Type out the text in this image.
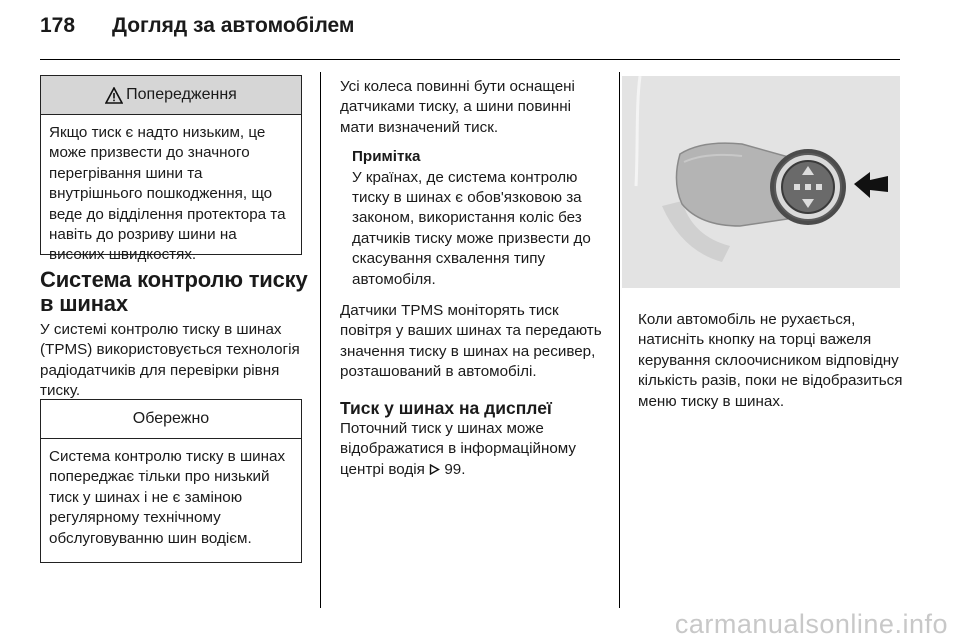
178 Догляд за автомобілем
Попередження
Якщо тиск є надто низьким, це може призвести до значного перегрівання шини та внутрішнього пошкодження, що веде до відділення протектора та навіть до розриву шини на високих швидкостях.
Система контролю тиску в шинах

У системі контролю тиску в шинах (TPMS) використовується технологія радіодатчиків для перевірки рівня тиску.

Обережно
Система контролю тиску в шинах попереджає тільки про низький тиск у шинах і не є заміною регулярному технічному обслуговуванню шин водієм.

Усі колеса повинні бути оснащені датчиками тиску, а шини повинні мати визначений тиск.

Примітка
У країнах, де система контролю тиску в шинах є обов'язковою за законом, використання коліс без датчиків тиску може призвести до скасування схвалення типу автомобіля.

Датчики TPMS моніторять тиск повітря у ваших шинах та передають значення тиску в шинах на ресивер, розташований в автомобілі.

Тиск у шинах на дисплеї

Поточний тиск у шинах може відображатися в інформаційному центрі водія 99.

Коли автомобіль не рухається, натисніть кнопку на торці важеля керування склоочисником відповідну кількість разів, поки не відобразиться меню тиску в шинах.

carmanualsonline.info
